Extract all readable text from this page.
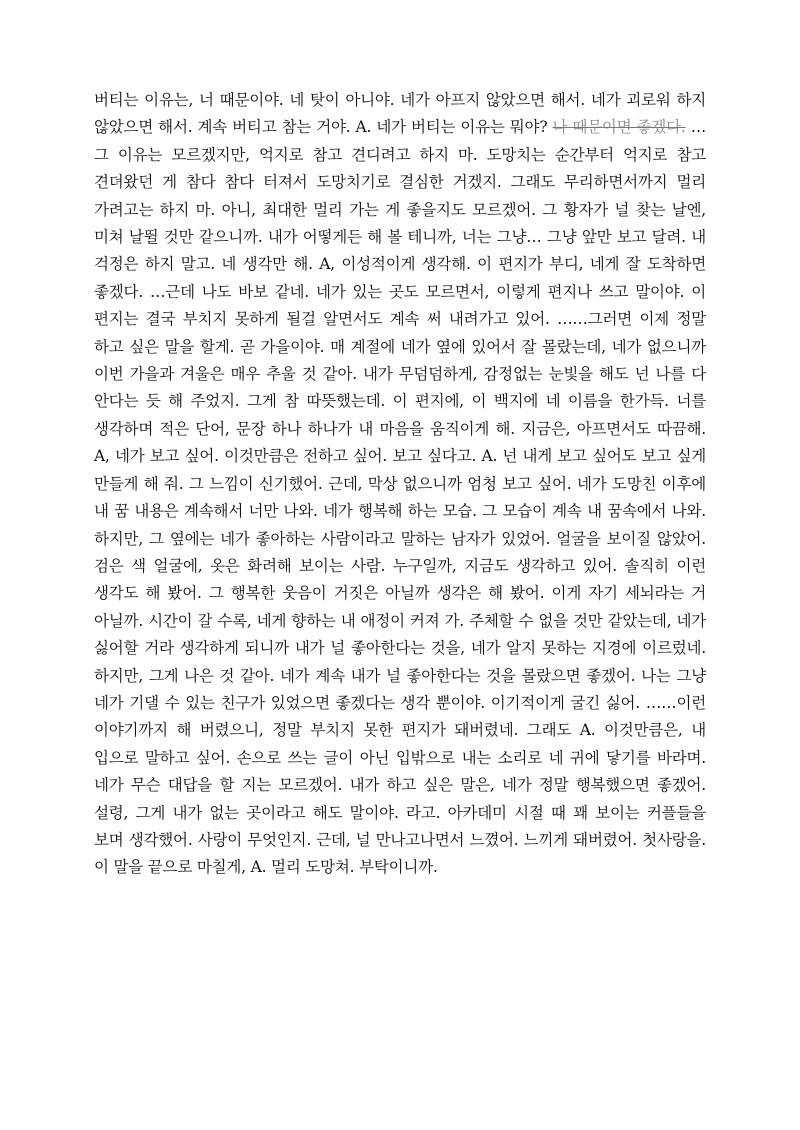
버티는 이유는, 너 때문이야. 네 탓이 아니야. 네가 아프지 않았으면 해서. 네가 괴로워 하지 않았으면 해서. 계속 버티고 참는 거야. A. 네가 버티는 이유는 뭐야? 나 때문이면 좋겠다. …그 이유는 모르겠지만, 억지로 참고 견디려고 하지 마. 도망치는 순간부터 억지로 참고 견뎌왔던 게 참다 참다 터져서 도망치기로 결심한 거겠지. 그래도 무리하면서까지 멀리 가려고는 하지 마. 아니, 최대한 멀리 가는 게 좋을지도 모르겠어. 그 황자가 널 찾는 날엔, 미쳐 날뛸 것만 같으니까. 내가 어떻게든 해 볼 테니까, 너는 그냥… 그냥 앞만 보고 달려. 내 걱정은 하지 말고. 네 생각만 해. A, 이성적이게 생각해. 이 편지가 부디, 네게 잘 도착하면 좋겠다. …근데 나도 바보 같네. 네가 있는 곳도 모르면서, 이렇게 편지나 쓰고 말이야. 이 편지는 결국 부치지 못하게 될걸 알면서도 계속 써 내려가고 있어. ……그러면 이제 정말 하고 싶은 말을 할게. 곧 가을이야. 매 계절에 네가 옆에 있어서 잘 몰랐는데, 네가 없으니까 이번 가을과 겨울은 매우 추울 것 같아. 내가 무덤덤하게, 감정없는 눈빛을 해도 넌 나를 다 안다는 듯 해 주었지. 그게 참 따뜻했는데. 이 편지에, 이 백지에 네 이름을 한가득. 너를 생각하며 적은 단어, 문장 하나 하나가 내 마음을 움직이게 해. 지금은, 아프면서도 따끔해. A, 네가 보고 싶어. 이것만큼은 전하고 싶어. 보고 싶다고. A. 넌 내게 보고 싶어도 보고 싶게 만들게 해 줘. 그 느낌이 신기했어. 근데, 막상 없으니까 엄청 보고 싶어. 네가 도망친 이후에 내 꿈 내용은 계속해서 너만 나와. 네가 행복해 하는 모습. 그 모습이 계속 내 꿈속에서 나와. 하지만, 그 옆에는 네가 좋아하는 사람이라고 말하는 남자가 있었어. 얼굴을 보이질 않았어. 검은 색 얼굴에, 옷은 화려해 보이는 사람. 누구일까, 지금도 생각하고 있어. 솔직히 이런 생각도 해 봤어. 그 행복한 웃음이 거짓은 아닐까 생각은 해 봤어. 이게 자기 세뇌라는 거 아닐까. 시간이 갈 수록, 네게 향하는 내 애정이 커져 가. 주체할 수 없을 것만 같았는데, 네가 싫어할 거라 생각하게 되니까 내가 널 좋아한다는 것을, 네가 알지 못하는 지경에 이르렀네. 하지만, 그게 나은 것 같아. 네가 계속 내가 널 좋아한다는 것을 몰랐으면 좋겠어. 나는 그냥 네가 기댈 수 있는 친구가 있었으면 좋겠다는 생각 뿐이야. 이기적이게 굴긴 싫어. ……이런 이야기까지 해 버렸으니, 정말 부치지 못한 편지가 돼버렸네. 그래도 A. 이것만큼은, 내 입으로 말하고 싶어. 손으로 쓰는 글이 아닌 입밖으로 내는 소리로 네 귀에 닿기를 바라며. 네가 무슨 대답을 할 지는 모르겠어. 내가 하고 싶은 말은, 네가 정말 행복했으면 좋겠어. 설령, 그게 내가 없는 곳이라고 해도 말이야. 라고. 아카데미 시절 때 꽤 보이는 커플들을 보며 생각했어. 사랑이 무엇인지. 근데, 널 만나고나면서 느꼈어. 느끼게 돼버렸어. 첫사랑을. 이 말을 끝으로 마칠게, A. 멀리 도망쳐. 부탁이니까.
